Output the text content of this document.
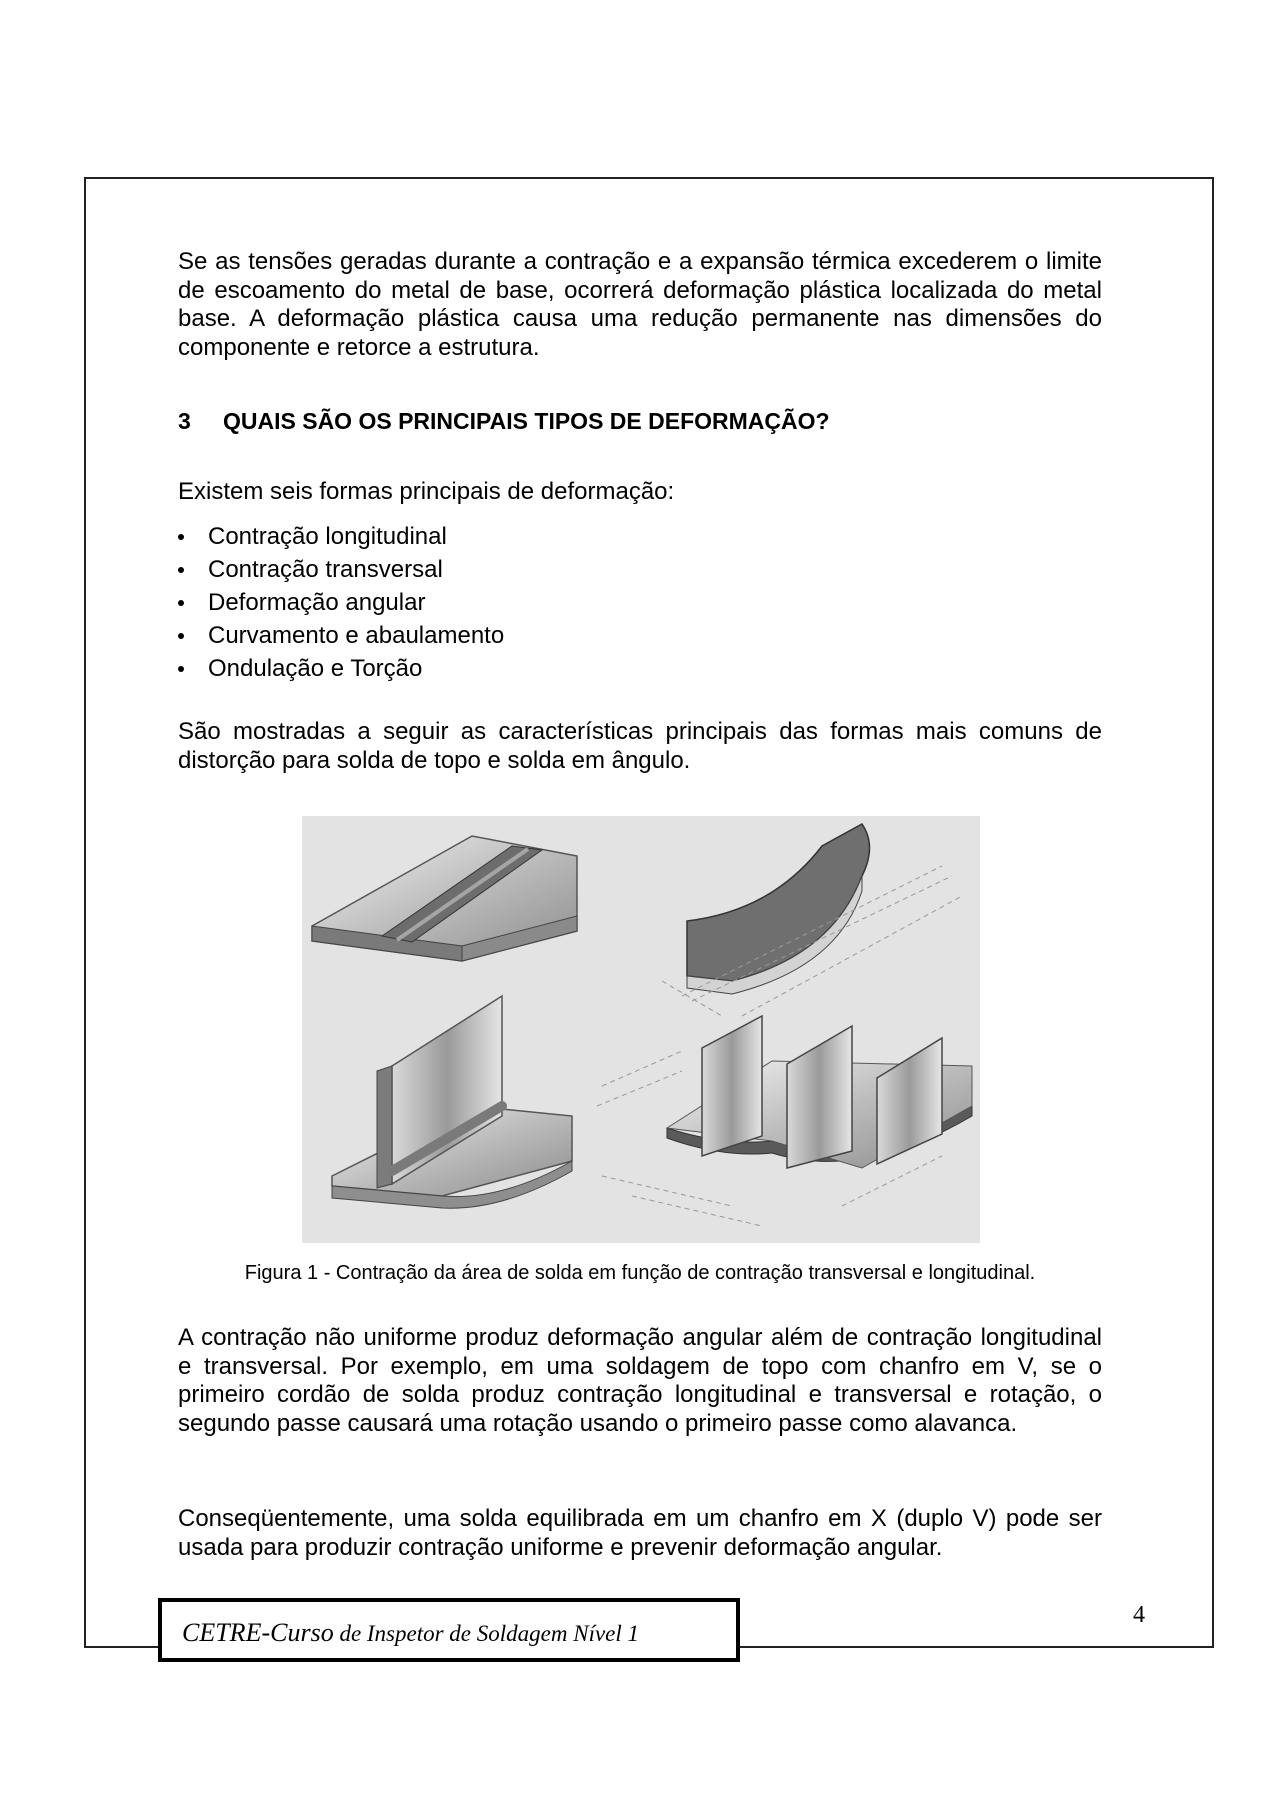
Se as tensões geradas durante a contração e a expansão térmica excederem o limite de escoamento do metal de base, ocorrerá deformação plástica localizada do metal base. A deformação plástica causa uma redução permanente nas dimensões do componente e retorce a estrutura.

3 QUAIS SÃO OS PRINCIPAIS TIPOS DE DEFORMAÇÃO?

Existem seis formas principais de deformação:

Contração longitudinal
Contração transversal
Deformação angular
Curvamento e abaulamento
Ondulação e Torção

São mostradas a seguir as características principais das formas mais comuns de distorção para solda de topo e solda em ângulo.

Figura 1 - Contração da área de solda em função de contração transversal e longitudinal.

A contração não uniforme produz deformação angular além de contração longitudinal e transversal. Por exemplo, em uma soldagem de topo com chanfro em V, se o primeiro cordão de solda produz contração longitudinal e transversal e rotação, o segundo passe causará uma rotação usando o primeiro passe como alavanca.

Conseqüentemente, uma solda equilibrada em um chanfro em X (duplo V) pode ser usada para produzir contração uniforme e prevenir deformação angular.

CETRE-Curso de Inspetor de Soldagem Nível 1
4
